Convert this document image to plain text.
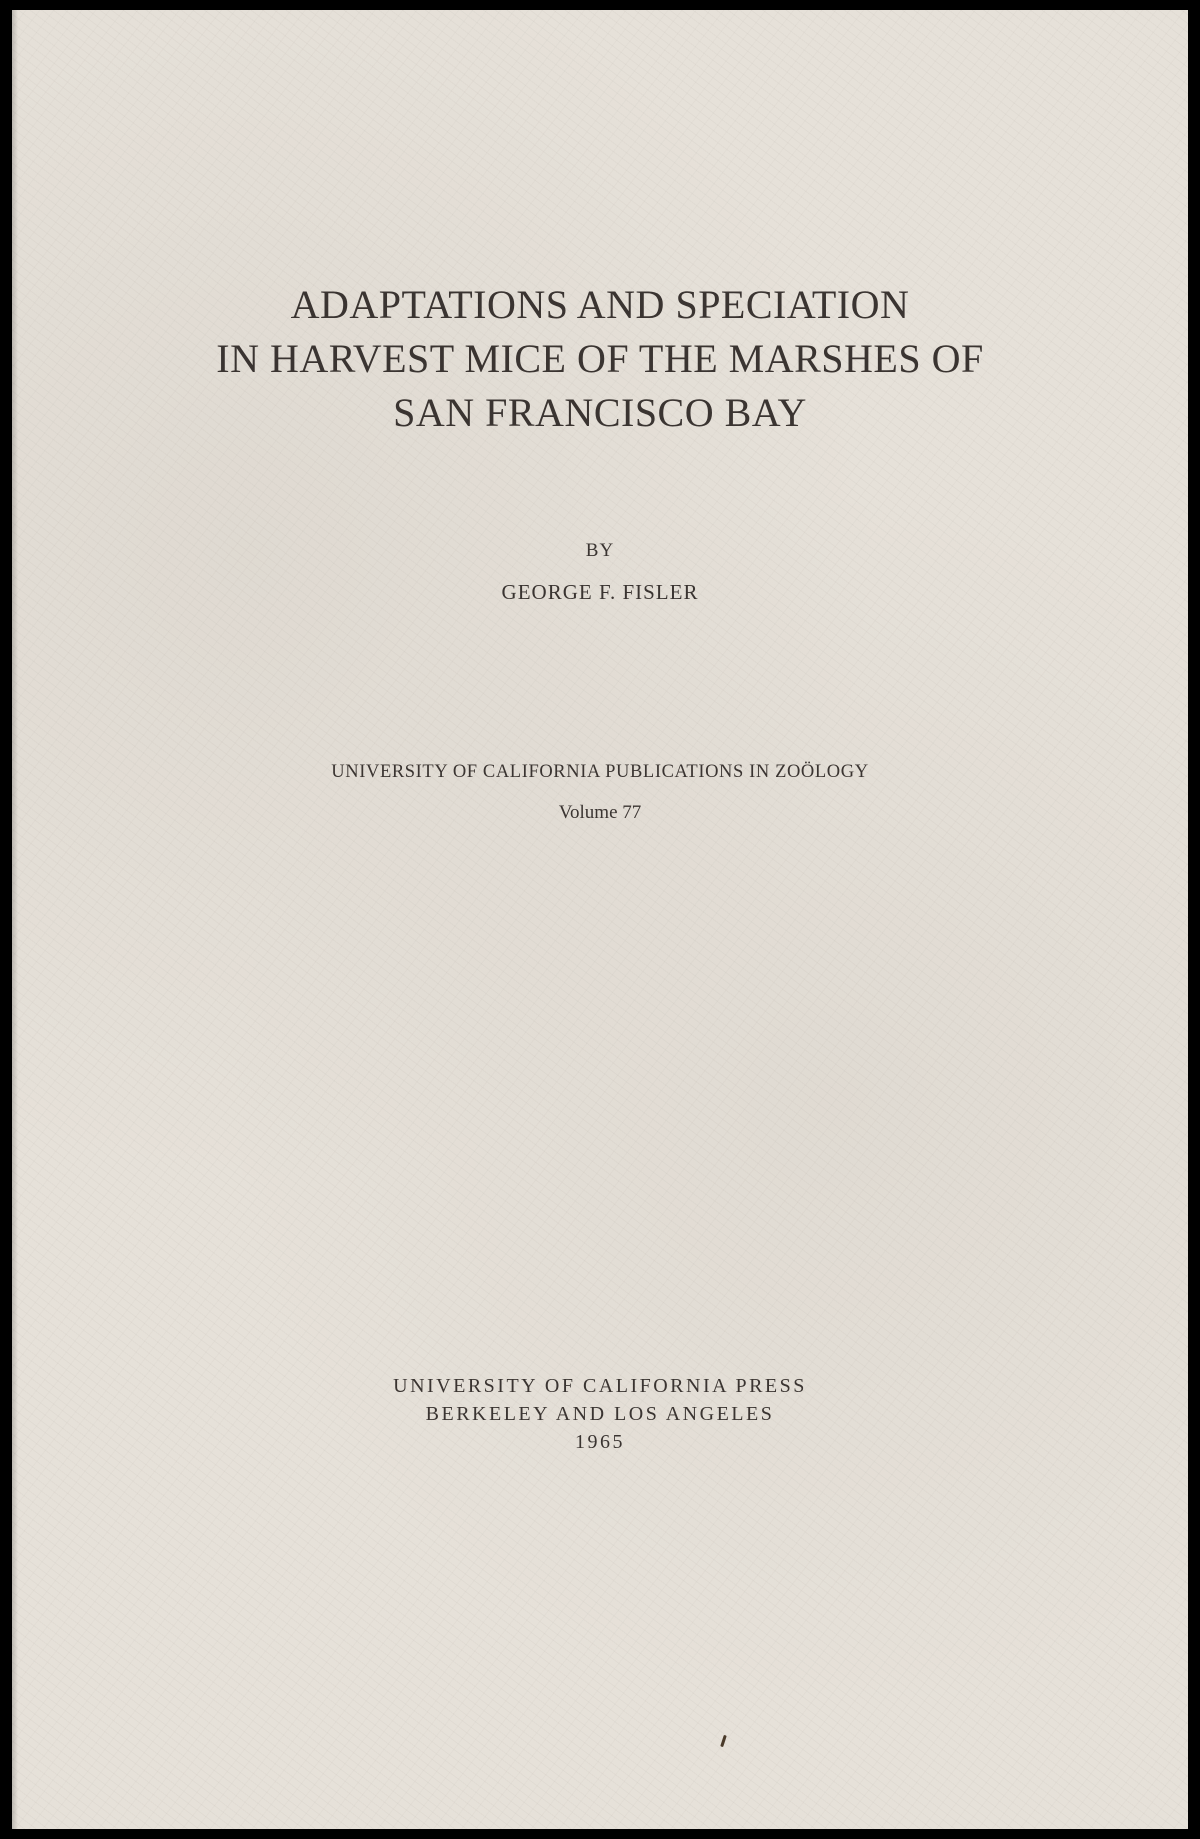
ADAPTATIONS AND SPECIATION
IN HARVEST MICE OF THE MARSHES OF
SAN FRANCISCO BAY
BY
GEORGE F. FISLER
UNIVERSITY OF CALIFORNIA PUBLICATIONS IN ZOÖLOGY
Volume 77
UNIVERSITY OF CALIFORNIA PRESS
BERKELEY AND LOS ANGELES
1965
